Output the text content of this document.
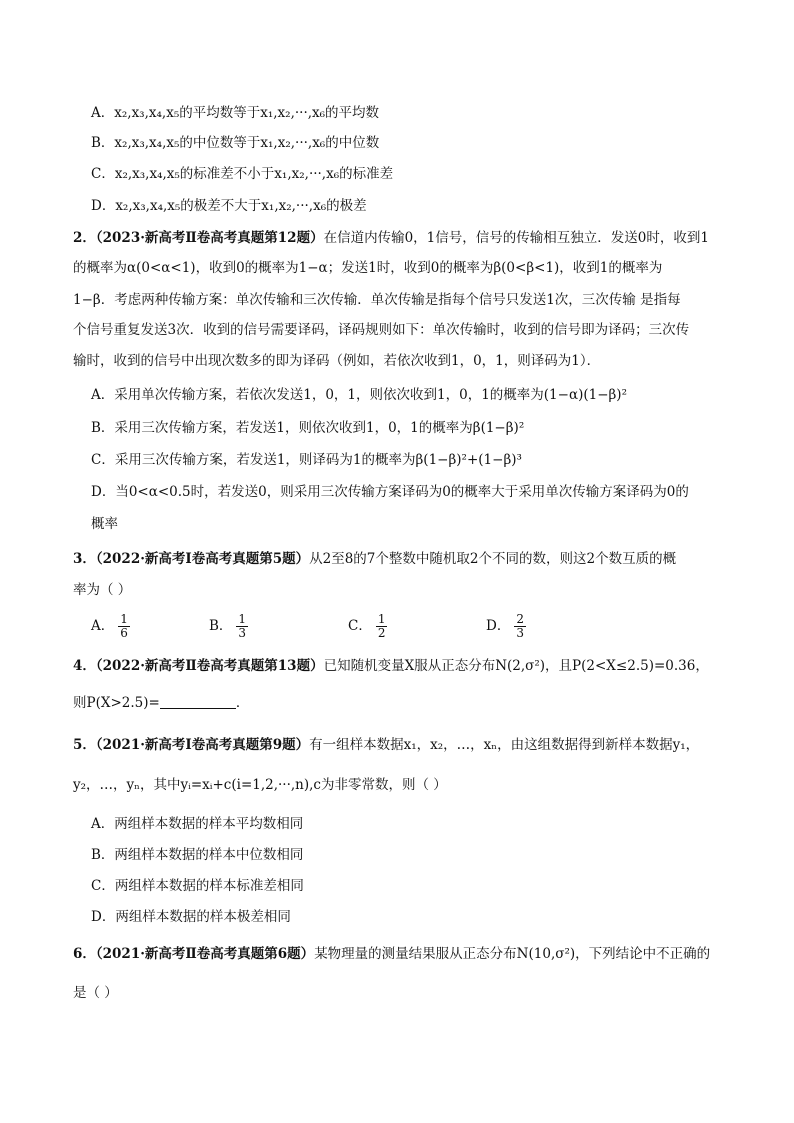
A．x₂,x₃,x₄,x₅的平均数等于x₁,x₂,···,x₆的平均数
B．x₂,x₃,x₄,x₅的中位数等于x₁,x₂,···,x₆的中位数
C．x₂,x₃,x₄,x₅的标准差不小于x₁,x₂,···,x₆的标准差
D．x₂,x₃,x₄,x₅的极差不大于x₁,x₂,···,x₆的极差
2．（2023·新高考Ⅱ卷高考真题第12题）在信道内传输0，1信号，信号的传输相互独立．发送0时，收到1
的概率为α(0<α<1)，收到0的概率为1−α；发送1时，收到0的概率为β(0<β<1)，收到1的概率为
1−β．考虑两种传输方案：单次传输和三次传输．单次传输是指每个信号只发送1次，三次传输 是指每
个信号重复发送3次．收到的信号需要译码，译码规则如下：单次传输时，收到的信号即为译码；三次传
输时，收到的信号中出现次数多的即为译码（例如，若依次收到1，0，1，则译码为1）．
A．采用单次传输方案，若依次发送1，0，1，则依次收到1，0，1的概率为(1−α)(1−β)²
B．采用三次传输方案，若发送1，则依次收到1，0，1的概率为β(1−β)²
C．采用三次传输方案，若发送1，则译码为1的概率为β(1−β)²+(1−β)³
D．当0<α<0.5时，若发送0，则采用三次传输方案译码为0的概率大于采用单次传输方案译码为0的
概率
3．（2022·新高考Ⅰ卷高考真题第5题）从2至8的7个整数中随机取2个不同的数，则这2个数互质的概
率为（ ）
A． $\frac{1}{6}$	B． $\frac{1}{3}$	C． $\frac{1}{2}$	D． $\frac{2}{3}$
4．（2022·新高考Ⅱ卷高考真题第13题）已知随机变量X服从正态分布N(2,σ²)，且P(2<X≤2.5)=0.36，
则P(X>2.5)=	．
5．（2021·新高考Ⅰ卷高考真题第9题）有一组样本数据x₁，x₂，…，xₙ，由这组数据得到新样本数据y₁，
y₂，…，yₙ，其中yᵢ=xᵢ+c(i=1,2,···,n),c为非零常数，则（ ）
A．两组样本数据的样本平均数相同
B．两组样本数据的样本中位数相同
C．两组样本数据的样本标准差相同
D．两组样本数据的样本极差相同
6．（2021·新高考Ⅱ卷高考真题第6题）某物理量的测量结果服从正态分布N(10,σ²)，下列结论中不正确的
是（ ）
